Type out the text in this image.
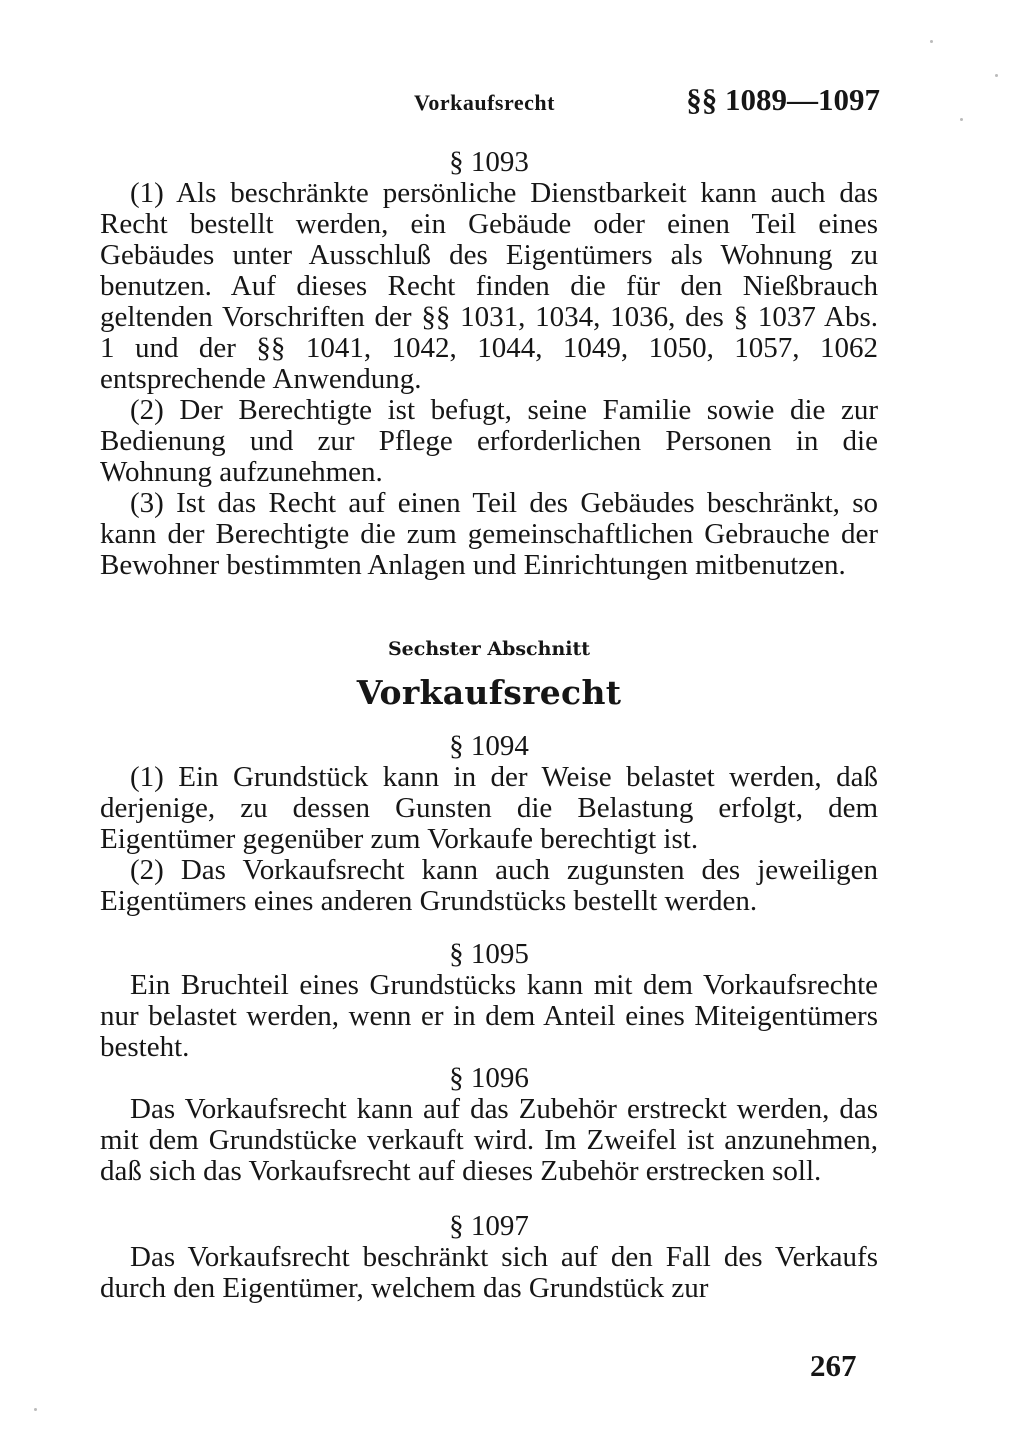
Vorkaufsrecht	§§ 1089—1097

§ 1093

(1) Als beschränkte persönliche Dienstbarkeit kann auch das Recht bestellt werden, ein Gebäude oder einen Teil eines Gebäudes unter Ausschluß des Eigentümers als Wohnung zu benutzen. Auf dieses Recht finden die für den Nießbrauch geltenden Vorschriften der §§ 1031, 1034, 1036, des § 1037 Abs. 1 und der §§ 1041, 1042, 1044, 1049, 1050, 1057, 1062 entsprechende Anwendung.

(2) Der Berechtigte ist befugt, seine Familie sowie die zur Bedienung und zur Pflege erforderlichen Personen in die Wohnung aufzunehmen.

(3) Ist das Recht auf einen Teil des Gebäudes beschränkt, so kann der Berechtigte die zum gemeinschaftlichen Gebrauche der Bewohner bestimmten Anlagen und Einrichtungen mitbenutzen.

Sechster Abschnitt

Vorkaufsrecht

§ 1094

(1) Ein Grundstück kann in der Weise belastet werden, daß derjenige, zu dessen Gunsten die Belastung erfolgt, dem Eigentümer gegenüber zum Vorkaufe berechtigt ist.

(2) Das Vorkaufsrecht kann auch zugunsten des jeweiligen Eigentümers eines anderen Grundstücks bestellt werden.

§ 1095

Ein Bruchteil eines Grundstücks kann mit dem Vorkaufsrechte nur belastet werden, wenn er in dem Anteil eines Miteigentümers besteht.

§ 1096

Das Vorkaufsrecht kann auf das Zubehör erstreckt werden, das mit dem Grundstücke verkauft wird. Im Zweifel ist anzunehmen, daß sich das Vorkaufsrecht auf dieses Zubehör erstrecken soll.

§ 1097

Das Vorkaufsrecht beschränkt sich auf den Fall des Verkaufs durch den Eigentümer, welchem das Grundstück zur

267
